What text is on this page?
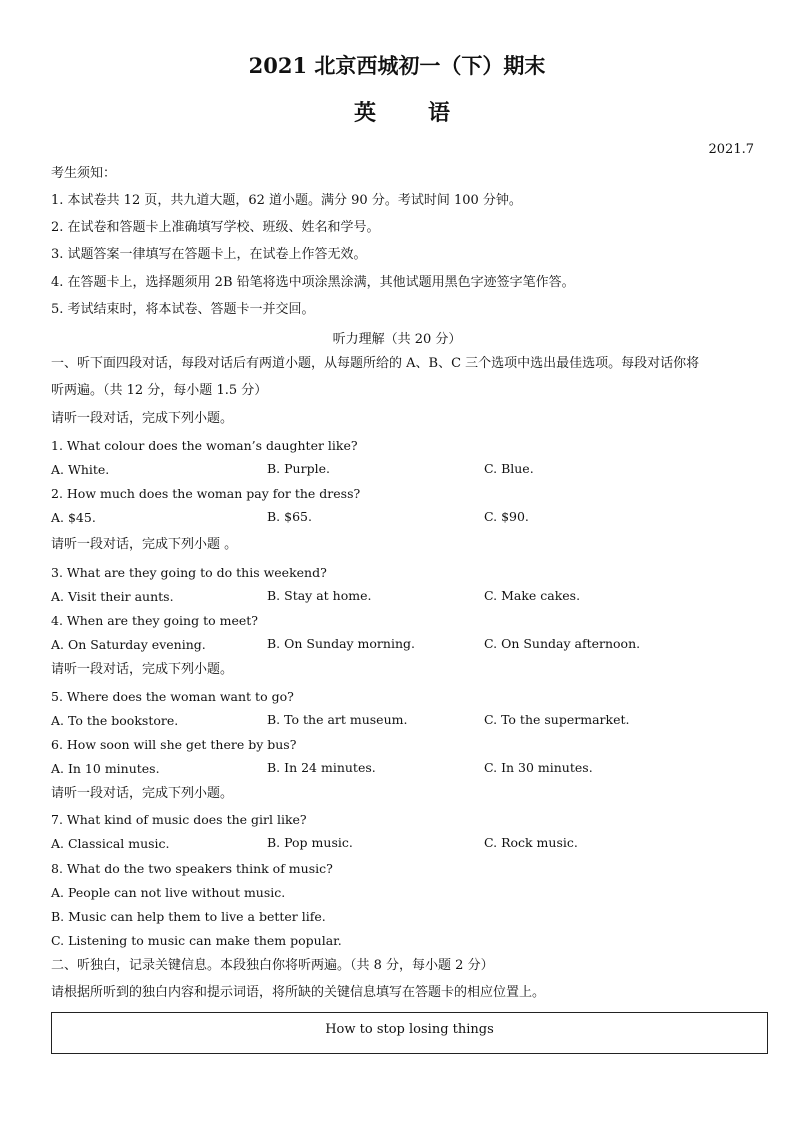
2021 北京西城初一（下）期末
英 语
2021.7
考生须知：
1. 本试卷共 12 页，共九道大题，62 道小题。满分 90 分。考试时间 100 分钟。
2. 在试卷和答题卡上准确填写学校、班级、姓名和学号。
3. 试题答案一律填写在答题卡上，在试卷上作答无效。
4. 在答题卡上，选择题须用 2B 铅笔将选中项涂黑涂满，其他试题用黑色字迹签字笔作答。
5. 考试结束时，将本试卷、答题卡一并交回。
听力理解（共 20 分）
一、听下面四段对话，每段对话后有两道小题，从每题所给的 A、B、C 三个选项中选出最佳选项。每段对话你将
听两遍。（共 12 分，每小题 1.5 分）
请听一段对话，完成下列小题。
1. What colour does the woman’s daughter like?
A. White.	B. Purple.	C. Blue.
2. How much does the woman pay for the dress?
A. $45.	B. $65.	C. $90.
请听一段对话，完成下列小题 。
3. What are they going to do this weekend?
A. Visit their aunts.	B. Stay at home.	C. Make cakes.
4. When are they going to meet?
A. On Saturday evening.	B. On Sunday morning.	C. On Sunday afternoon.
请听一段对话，完成下列小题。
5. Where does the woman want to go?
A. To the bookstore.	B. To the art museum.	C. To the supermarket.
6. How soon will she get there by bus?
A. In 10 minutes.	B. In 24 minutes.	C. In 30 minutes.
请听一段对话，完成下列小题。
7. What kind of music does the girl like?
A. Classical music.	B. Pop music.	C. Rock music.
8. What do the two speakers think of music?
A. People can not live without music.
B. Music can help them to live a better life.
C. Listening to music can make them popular.
二、听独白，记录关键信息。本段独白你将听两遍。（共 8 分，每小题 2 分）
请根据所听到的独白内容和提示词语，将所缺的关键信息填写在答题卡的相应位置上。
How to stop losing things
